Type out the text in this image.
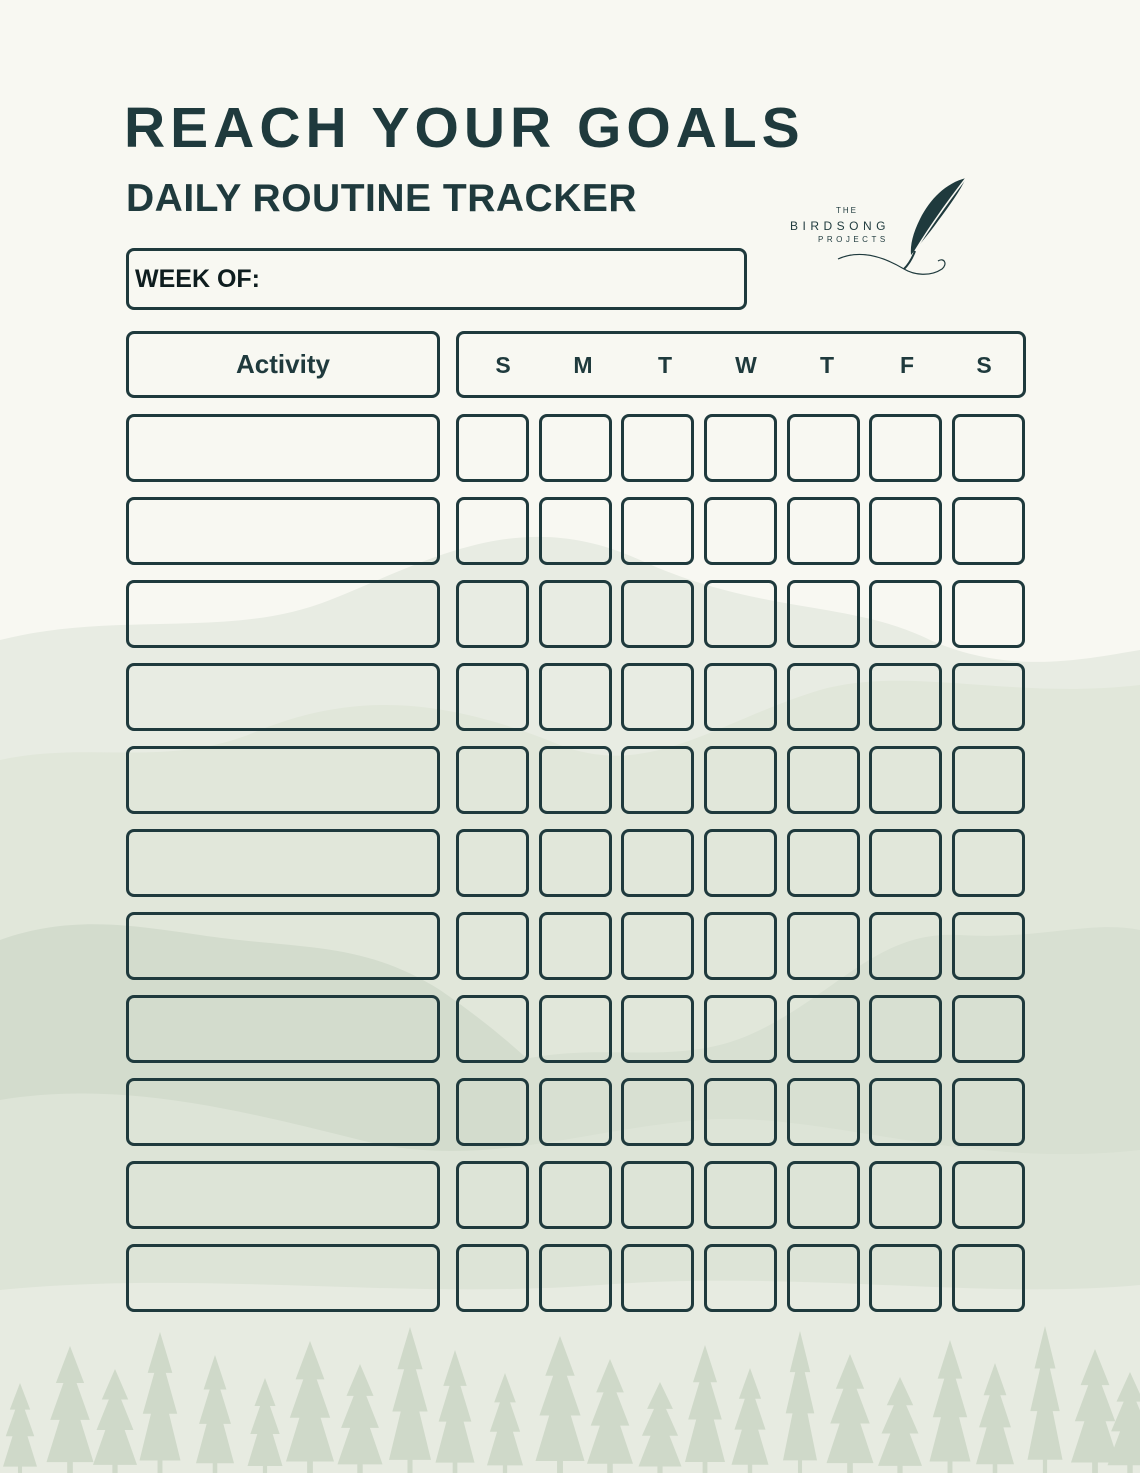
REACH YOUR GOALS
DAILY ROUTINE TRACKER	THE
BIRDSONG
PROJECTS
WEEK OF:
Activity	S	M	T	W	T	F	S
